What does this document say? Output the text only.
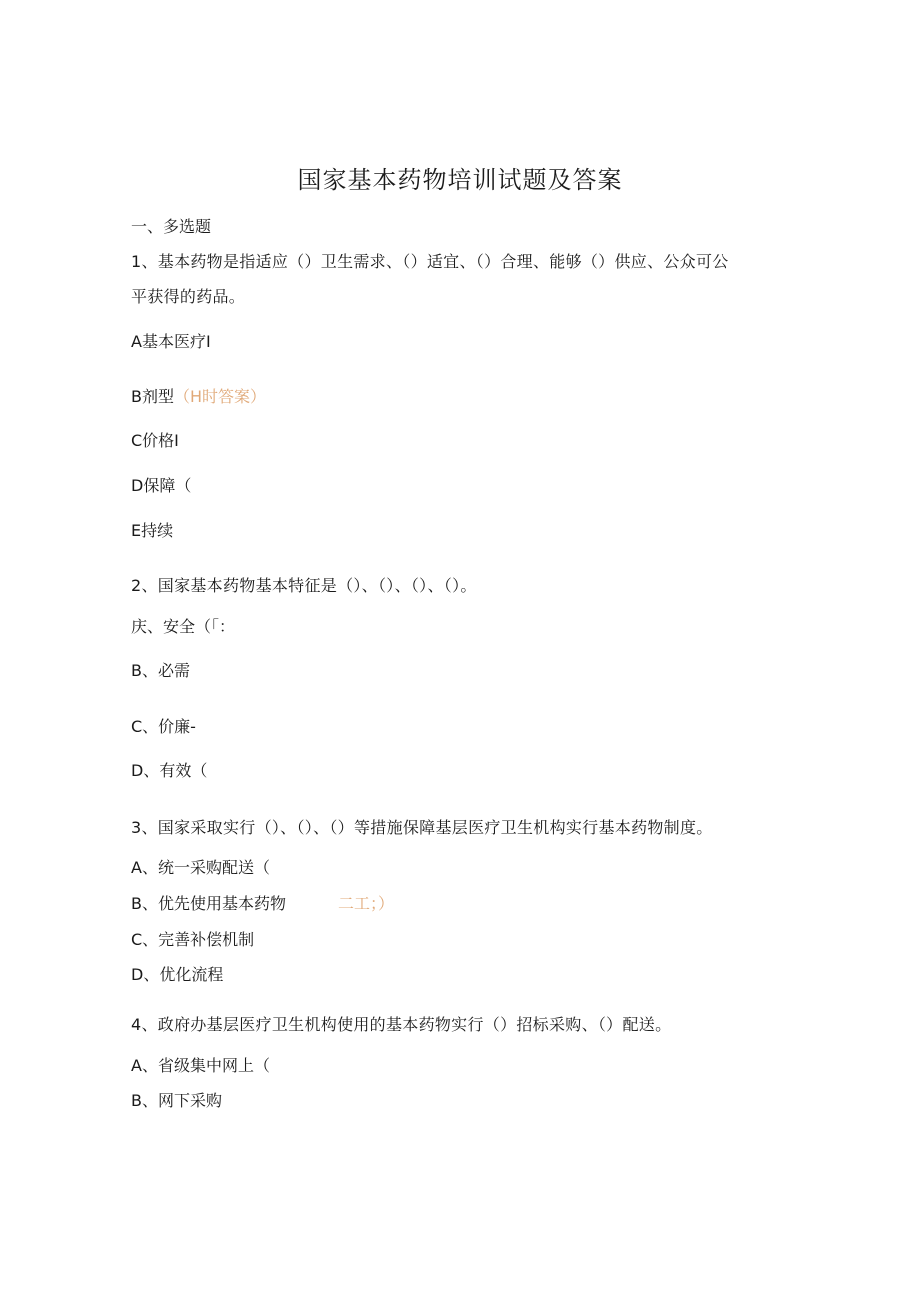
国家基本药物培训试题及答案
一、多选题
1、基本药物是指适应（）卫生需求、（）适宜、（）合理、能够（）供应、公众可公
平获得的药品。
A基本医疗I
B剂型（H时答案）
C价格I
D保障（
E持续
2、国家基本药物基本特征是（）、（）、（）、（）。
庆、安全（「：
B、必需
C、价廉-
D、有效（
3、国家采取实行（）、（）、（）等措施保障基层医疗卫生机构实行基本药物制度。
A、统一采购配送（
B、优先使用基本药物	二工；）
C、完善补偿机制
D、优化流程
4、政府办基层医疗卫生机构使用的基本药物实行（）招标采购、（）配送。
A、省级集中网上（
B、网下采购
